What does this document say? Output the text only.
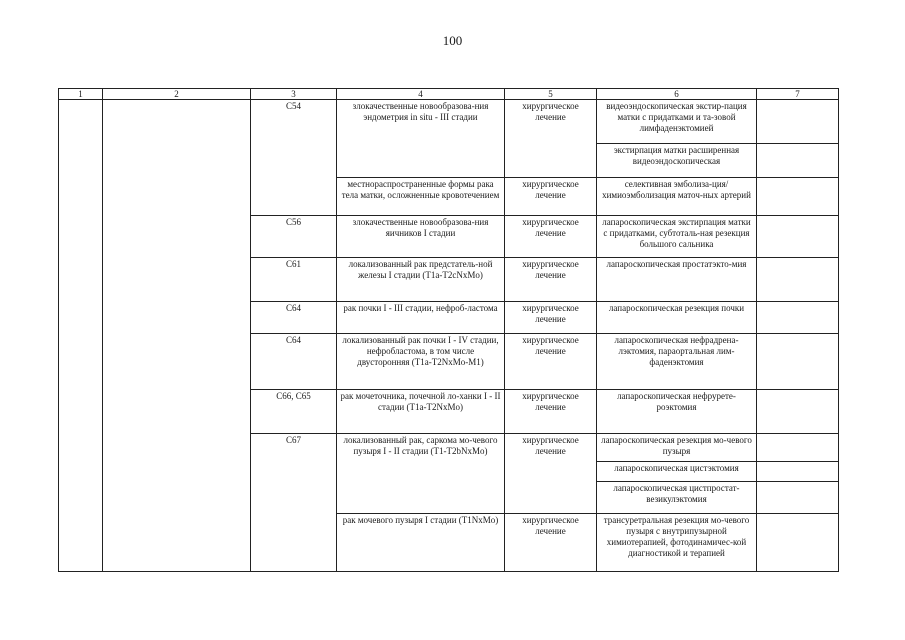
100
1	2	3	4	5	6	7
		С54	злокачественные новообразова-ния эндометрия in situ - III стадии	хирургическое лечение	видеоэндоскопическая экстир-пация матки с придатками и та-зовой лимфаденэктомией	
					экстирпация матки расширенная видеоэндоскопическая	
			местнораспространенные формы рака тела матки, осложненные кровотечением	хирургическое лечение	селективная эмболиза-ция/химиоэмболизация маточ-ных артерий	
		С56	злокачественные новообразова-ния яичников I стадии	хирургическое лечение	лапароскопическая экстирпация матки с придатками, субтоталь-ная резекция большого сальника	
		С61	локализованный рак предстатель-ной железы I стадии (T1a-T2cNxMo)	хирургическое лечение	лапароскопическая простатэкто-мия	
		С64	рак почки I - III стадии, нефроб-ластома	хирургическое лечение	лапароскопическая резекция почки	
		С64	локализованный рак почки I - IV стадии, нефробластома, в том числе двусторонняя (T1a-T2NxMo-M1)	хирургическое лечение	лапароскопическая нефрадрена-лэктомия, параортальная лим-фаденэктомия	
		С66, С65	рак мочеточника, почечной ло-ханки I - II стадии (T1a-T2NxMo)	хирургическое лечение	лапароскопическая нефрурете-роэктомия	
		С67	локализованный рак, саркома мо-чевого пузыря I - II стадии (T1-T2bNxMo)	хирургическое лечение	лапароскопическая резекция мо-чевого пузыря	
					лапароскопическая цистэктомия	
					лапароскопическая цистпростат-везикулэктомия	
			рак мочевого пузыря I стадии (T1NxMo)	хирургическое лечение	трансуретральная резекция мо-чевого пузыря с внутрипузырной химиотерапией, фотодинамичес-кой диагностикой и терапией	
